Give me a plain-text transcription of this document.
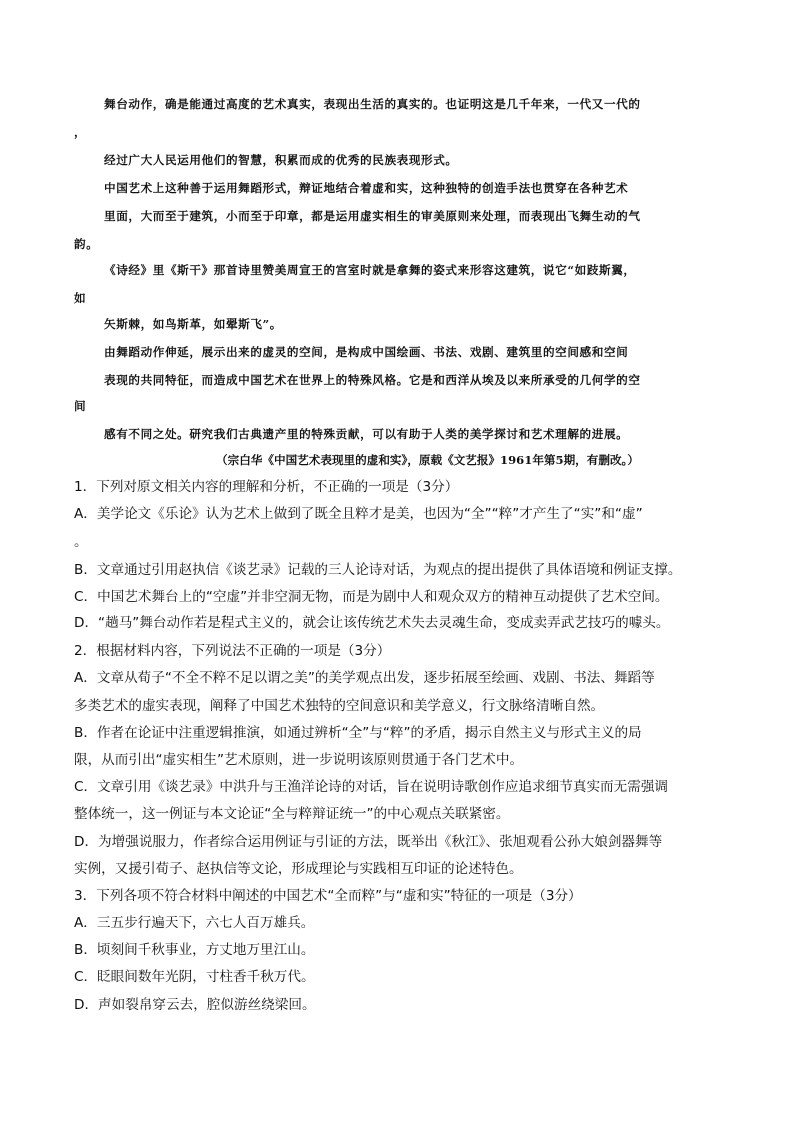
舞台动作，确是能通过高度的艺术真实，表现出生活的真实的。也证明这是几千年来，一代又一代的
，
经过广大人民运用他们的智慧，积累而成的优秀的民族表现形式。
中国艺术上这种善于运用舞蹈形式，辩证地结合着虚和实，这种独特的创造手法也贯穿在各种艺术
里面，大而至于建筑，小而至于印章，都是运用虚实相生的审美原则来处理，而表现出飞舞生动的气
韵。
《诗经》里《斯干》那首诗里赞美周宣王的宫室时就是拿舞的姿式来形容这建筑，说它“如跂斯翼，
如
矢斯棘，如鸟斯革，如翚斯飞”。
由舞蹈动作伸延，展示出来的虚灵的空间，是构成中国绘画、书法、戏剧、建筑里的空间感和空间
表现的共同特征，而造成中国艺术在世界上的特殊风格。它是和西洋从埃及以来所承受的几何学的空
间
感有不同之处。研究我们古典遗产里的特殊贡献，可以有助于人类的美学探讨和艺术理解的进展。
（宗白华《中国艺术表现里的虚和实》，原载《文艺报》1961年第5期，有删改。）
1．下列对原文相关内容的理解和分析，不正确的一项是（3分）
A．美学论文《乐论》认为艺术上做到了既全且粹才是美，也因为“全”“粹”才产生了“实”和“虚”
。
B．文章通过引用赵执信《谈艺录》记载的三人论诗对话，为观点的提出提供了具体语境和例证支撑。
C．中国艺术舞台上的“空虚”并非空洞无物，而是为剧中人和观众双方的精神互动提供了艺术空间。
D．“趟马”舞台动作若是程式主义的，就会让该传统艺术失去灵魂生命，变成卖弄武艺技巧的噱头。
2．根据材料内容，下列说法不正确的一项是（3分）
A．文章从荀子“不全不粹不足以谓之美”的美学观点出发，逐步拓展至绘画、戏剧、书法、舞蹈等
多类艺术的虚实表现，阐释了中国艺术独特的空间意识和美学意义，行文脉络清晰自然。
B．作者在论证中注重逻辑推演，如通过辨析“全”与“粹”的矛盾，揭示自然主义与形式主义的局
限，从而引出“虚实相生”艺术原则，进一步说明该原则贯通于各门艺术中。
C．文章引用《谈艺录》中洪升与王渔洋论诗的对话，旨在说明诗歌创作应追求细节真实而无需强调
整体统一，这一例证与本文论证“全与粹辩证统一”的中心观点关联紧密。
D．为增强说服力，作者综合运用例证与引证的方法，既举出《秋江》、张旭观看公孙大娘剑器舞等
实例，又援引荀子、赵执信等文论，形成理论与实践相互印证的论述特色。
3．下列各项不符合材料中阐述的中国艺术“全而粹”与“虚和实”特征的一项是（3分）
A．三五步行遍天下，六七人百万雄兵。
B．顷刻间千秋事业，方丈地万里江山。
C．眨眼间数年光阴，寸柱香千秋万代。
D．声如裂帛穿云去，腔似游丝绕梁回。
